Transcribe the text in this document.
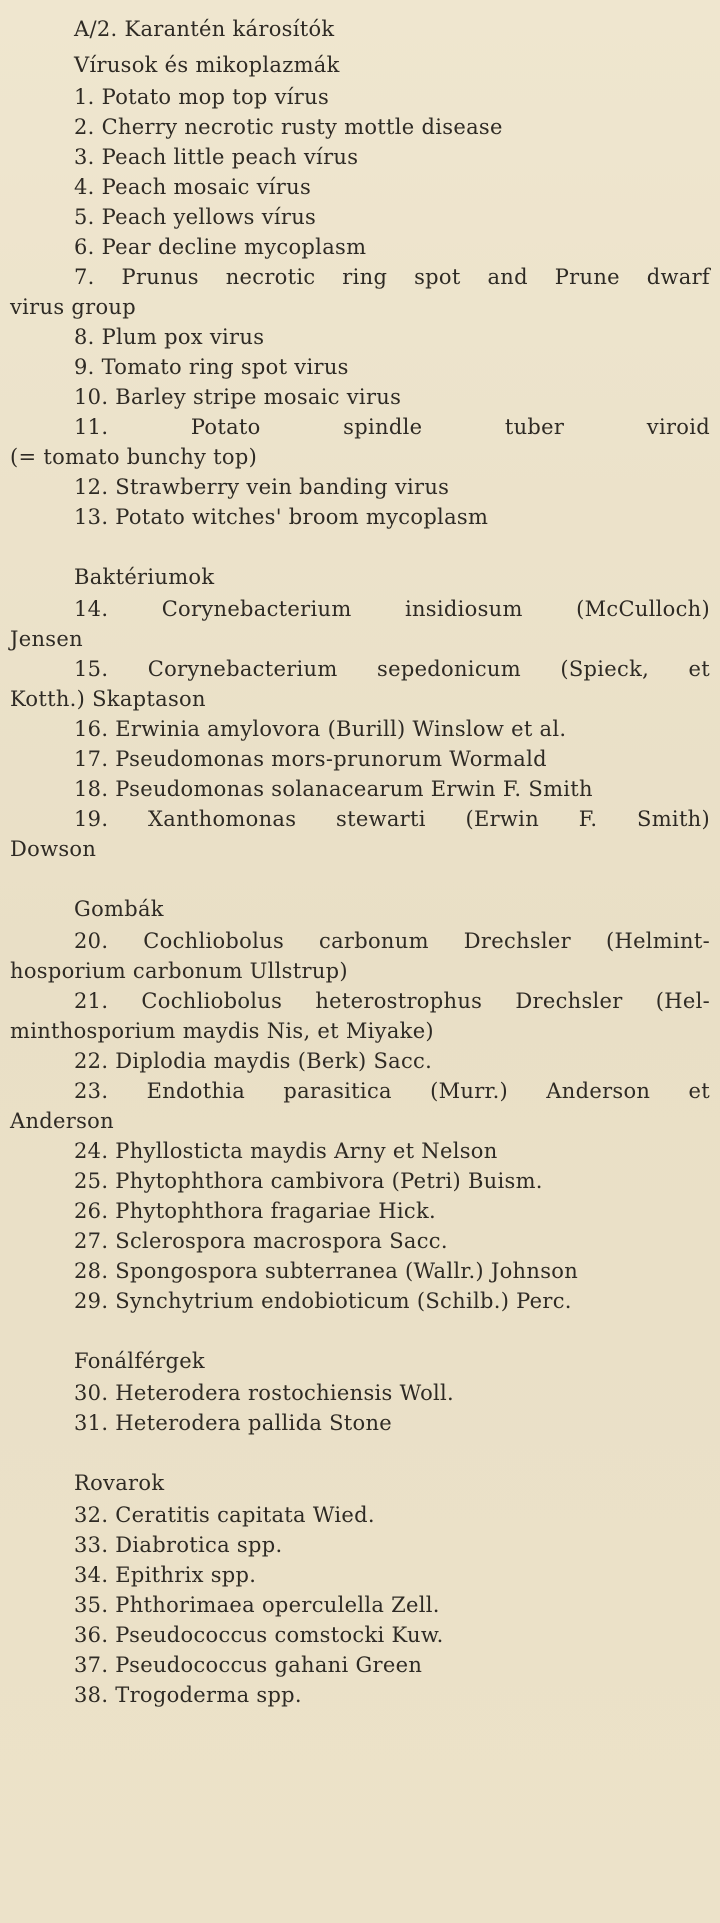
A/2. Karantén károsítók
Vírusok és mikoplazmák
1. Potato mop top vírus
2. Cherry necrotic rusty mottle disease
3. Peach little peach vírus
4. Peach mosaic vírus
5. Peach yellows vírus
6. Pear decline mycoplasm
7. Prunus necrotic ring spot and Prune dwarf
virus group
8. Plum pox virus
9. Tomato ring spot virus
10. Barley stripe mosaic virus
11. Potato spindle tuber viroid
(= tomato bunchy top)
12. Strawberry vein banding virus
13. Potato witches' broom mycoplasm
Baktériumok
14. Corynebacterium insidiosum (McCulloch)
Jensen
15. Corynebacterium sepedonicum (Spieck, et
Kotth.) Skaptason
16. Erwinia amylovora (Burill) Winslow et al.
17. Pseudomonas mors-prunorum Wormald
18. Pseudomonas solanacearum Erwin F. Smith
19. Xanthomonas stewarti (Erwin F. Smith)
Dowson
Gombák
20. Cochliobolus carbonum Drechsler (Helmint-
hosporium carbonum Ullstrup)
21. Cochliobolus heterostrophus Drechsler (Hel-
minthosporium maydis Nis, et Miyake)
22. Diplodia maydis (Berk) Sacc.
23. Endothia parasitica (Murr.) Anderson et
Anderson
24. Phyllosticta maydis Arny et Nelson
25. Phytophthora cambivora (Petri) Buism.
26. Phytophthora fragariae Hick.
27. Sclerospora macrospora Sacc.
28. Spongospora subterranea (Wallr.) Johnson
29. Synchytrium endobioticum (Schilb.) Perc.
Fonálférgek
30. Heterodera rostochiensis Woll.
31. Heterodera pallida Stone
Rovarok
32. Ceratitis capitata Wied.
33. Diabrotica spp.
34. Epithrix spp.
35. Phthorimaea operculella Zell.
36. Pseudococcus comstocki Kuw.
37. Pseudococcus gahani Green
38. Trogoderma spp.
